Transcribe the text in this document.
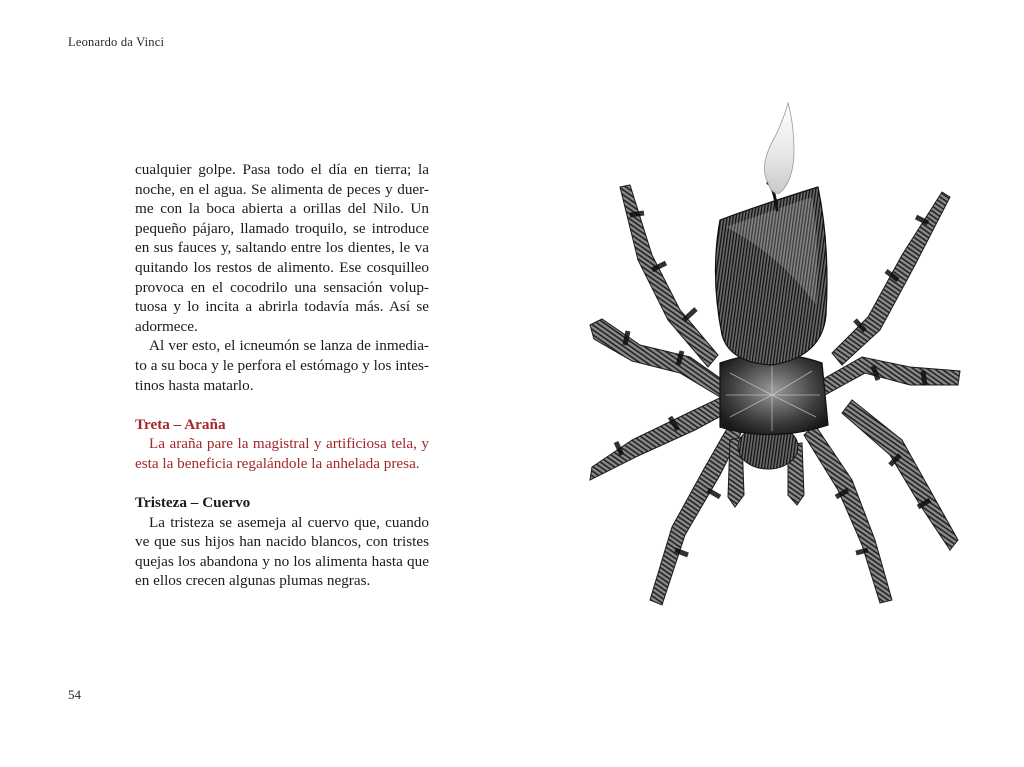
Leonardo da Vinci

cualquier golpe. Pasa todo el día en tierra; la
noche, en el agua. Se alimenta de peces y duer-
me con la boca abierta a orillas del Nilo. Un
pequeño pájaro, llamado troquilo, se introduce
en sus fauces y, saltando entre los dientes, le va
quitando los restos de alimento. Ese cosquilleo
provoca en el cocodrilo una sensación volup-
tuosa y lo incita a abrirla todavía más. Así se
adormece.

Al ver esto, el icneumón se lanza de inmedia-
to a su boca y le perfora el estómago y los intes-
tinos hasta matarlo.

Treta – Araña
La araña pare la magistral y artificiosa tela, y
esta la beneficia regalándole la anhelada presa.
Tristeza – Cuervo
La tristeza se asemeja al cuervo que, cuando
ve que sus hijos han nacido blancos, con tristes
quejas los abandona y no los alimenta hasta que
en ellos crecen algunas plumas negras.
54
